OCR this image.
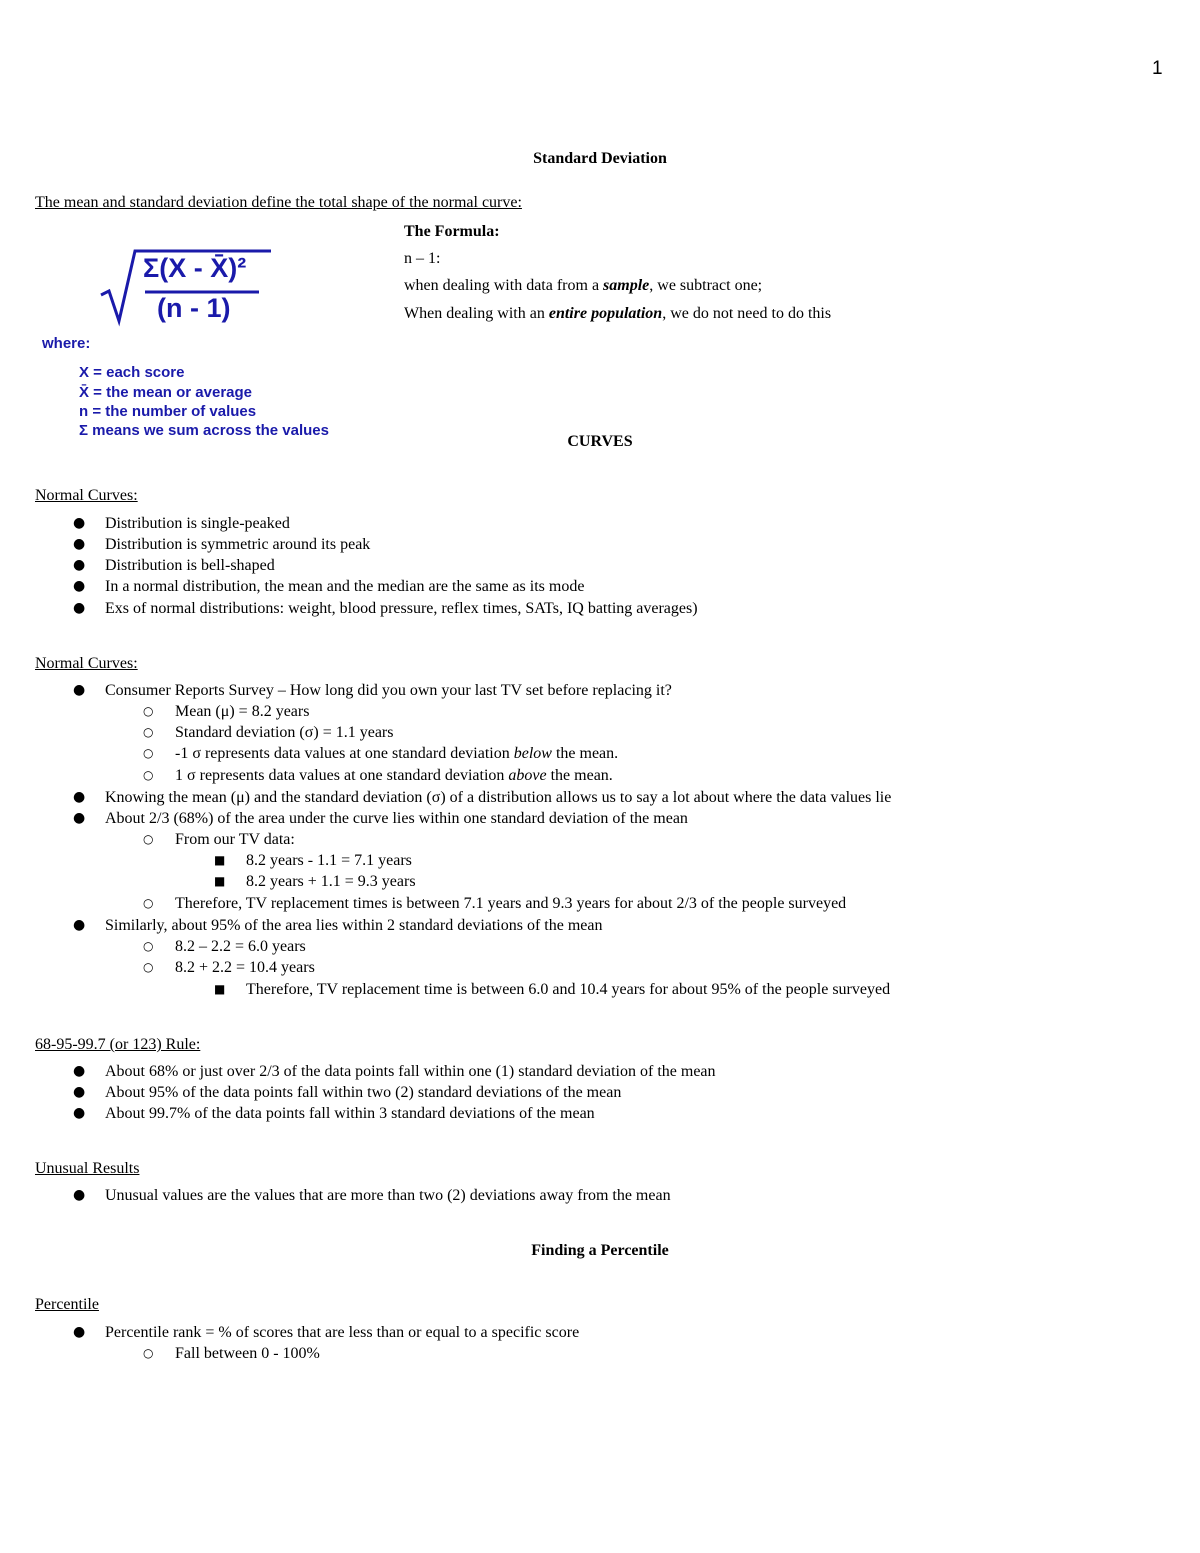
1
Standard Deviation
The mean and standard deviation define the total shape of the normal curve:
Σ(X - X̄)²
(n - 1)
where:
X = each score
X̄ = the mean or average
n = the number of values
Σ means we sum across the values
The Formula:
n – 1:
when dealing with data from a sample, we subtract one;
When dealing with an entire population, we do not need to do this
CURVES
Normal Curves:
● Distribution is single-peaked
● Distribution is symmetric around its peak
● Distribution is bell-shaped
● In a normal distribution, the mean and the median are the same as its mode
● Exs of normal distributions: weight, blood pressure, reflex times, SATs, IQ batting averages)
Normal Curves:
● Consumer Reports Survey – How long did you own your last TV set before replacing it?
○ Mean (μ) = 8.2 years
○ Standard deviation (σ) = 1.1 years
○ -1 σ represents data values at one standard deviation below the mean.
○ 1 σ represents data values at one standard deviation above the mean.
● Knowing the mean (μ) and the standard deviation (σ) of a distribution allows us to say a lot about where the data values lie
● About 2/3 (68%) of the area under the curve lies within one standard deviation of the mean
○ From our TV data:
■ 8.2 years - 1.1 = 7.1 years
■ 8.2 years + 1.1 = 9.3 years
○ Therefore, TV replacement times is between 7.1 years and 9.3 years for about 2/3 of the people surveyed
● Similarly, about 95% of the area lies within 2 standard deviations of the mean
○ 8.2 – 2.2 = 6.0 years
○ 8.2 + 2.2 = 10.4 years
■ Therefore, TV replacement time is between 6.0 and 10.4 years for about 95% of the people surveyed
68-95-99.7 (or 123) Rule:
● About 68% or just over 2/3 of the data points fall within one (1) standard deviation of the mean
● About 95% of the data points fall within two (2) standard deviations of the mean
● About 99.7% of the data points fall within 3 standard deviations of the mean
Unusual Results
● Unusual values are the values that are more than two (2) deviations away from the mean
Finding a Percentile
Percentile
● Percentile rank = % of scores that are less than or equal to a specific score
○ Fall between 0 - 100%
